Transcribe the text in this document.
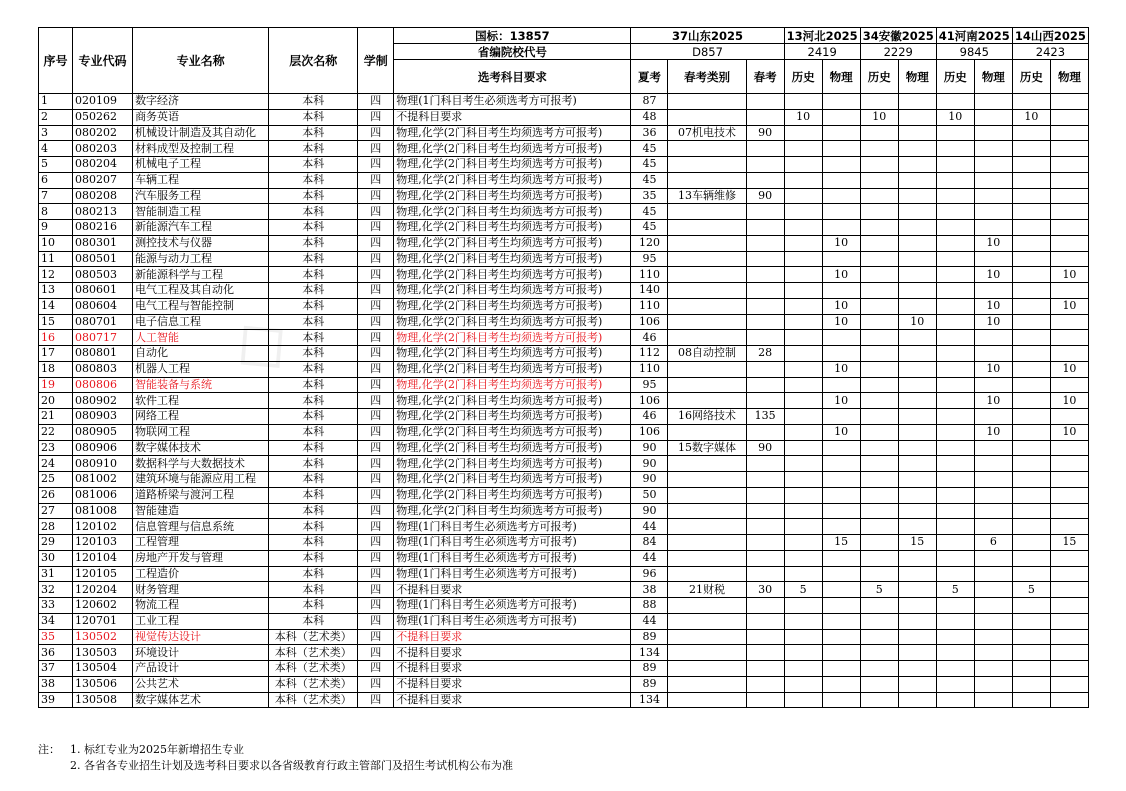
◇
序号	专业代码	专业名称	层次名称	学制	国标：13857	37山东2025			13河北2025		34安徽2025		41河南2025		14山西2025	
					省编院校代号	D857			2419		2229		9845		2423	
					选考科目要求	夏考	春考类别	春考	历史	物理	历史	物理	历史	物理	历史	物理
1	020109	数字经济	本科	四	物理(1门科目考生必须选考方可报考)	87										
2	050262	商务英语	本科	四	不提科目要求	48			10		10		10		10	
3	080202	机械设计制造及其自动化	本科	四	物理,化学(2门科目考生均须选考方可报考)	36	07机电技术	90								
4	080203	材料成型及控制工程	本科	四	物理,化学(2门科目考生均须选考方可报考)	45										
5	080204	机械电子工程	本科	四	物理,化学(2门科目考生均须选考方可报考)	45										
6	080207	车辆工程	本科	四	物理,化学(2门科目考生均须选考方可报考)	45										
7	080208	汽车服务工程	本科	四	物理,化学(2门科目考生均须选考方可报考)	35	13车辆维修	90								
8	080213	智能制造工程	本科	四	物理,化学(2门科目考生均须选考方可报考)	45										
9	080216	新能源汽车工程	本科	四	物理,化学(2门科目考生均须选考方可报考)	45										
10	080301	测控技术与仪器	本科	四	物理,化学(2门科目考生均须选考方可报考)	120				10				10		
11	080501	能源与动力工程	本科	四	物理,化学(2门科目考生均须选考方可报考)	95										
12	080503	新能源科学与工程	本科	四	物理,化学(2门科目考生均须选考方可报考)	110				10				10		10
13	080601	电气工程及其自动化	本科	四	物理,化学(2门科目考生均须选考方可报考)	140										
14	080604	电气工程与智能控制	本科	四	物理,化学(2门科目考生均须选考方可报考)	110				10				10		10
15	080701	电子信息工程	本科	四	物理,化学(2门科目考生均须选考方可报考)	106				10		10		10		
16	080717	人工智能	本科	四	物理,化学(2门科目考生均须选考方可报考)	46										
17	080801	自动化	本科	四	物理,化学(2门科目考生均须选考方可报考)	112	08自动控制	28								
18	080803	机器人工程	本科	四	物理,化学(2门科目考生均须选考方可报考)	110				10				10		10
19	080806	智能装备与系统	本科	四	物理,化学(2门科目考生均须选考方可报考)	95										
20	080902	软件工程	本科	四	物理,化学(2门科目考生均须选考方可报考)	106				10				10		10
21	080903	网络工程	本科	四	物理,化学(2门科目考生均须选考方可报考)	46	16网络技术	135								
22	080905	物联网工程	本科	四	物理,化学(2门科目考生均须选考方可报考)	106				10				10		10
23	080906	数字媒体技术	本科	四	物理,化学(2门科目考生均须选考方可报考)	90	15数字媒体	90								
24	080910	数据科学与大数据技术	本科	四	物理,化学(2门科目考生均须选考方可报考)	90										
25	081002	建筑环境与能源应用工程	本科	四	物理,化学(2门科目考生均须选考方可报考)	90										
26	081006	道路桥梁与渡河工程	本科	四	物理,化学(2门科目考生均须选考方可报考)	50										
27	081008	智能建造	本科	四	物理,化学(2门科目考生均须选考方可报考)	90										
28	120102	信息管理与信息系统	本科	四	物理(1门科目考生必须选考方可报考)	44										
29	120103	工程管理	本科	四	物理(1门科目考生必须选考方可报考)	84				15		15		6		15
30	120104	房地产开发与管理	本科	四	物理(1门科目考生必须选考方可报考)	44										
31	120105	工程造价	本科	四	物理(1门科目考生必须选考方可报考)	96										
32	120204	财务管理	本科	四	不提科目要求	38	21财税	30	5		5		5		5	
33	120602	物流工程	本科	四	物理(1门科目考生必须选考方可报考)	88										
34	120701	工业工程	本科	四	物理(1门科目考生必须选考方可报考)	44										
35	130502	视觉传达设计	本科（艺术类）	四	不提科目要求	89										
36	130503	环境设计	本科（艺术类）	四	不提科目要求	134										
37	130504	产品设计	本科（艺术类）	四	不提科目要求	89										
38	130506	公共艺术	本科（艺术类）	四	不提科目要求	89										
39	130508	数字媒体艺术	本科（艺术类）	四	不提科目要求	134										
注： 1. 标红专业为2025年新增招生专业
2. 各省各专业招生计划及选考科目要求以各省级教育行政主管部门及招生考试机构公布为准
